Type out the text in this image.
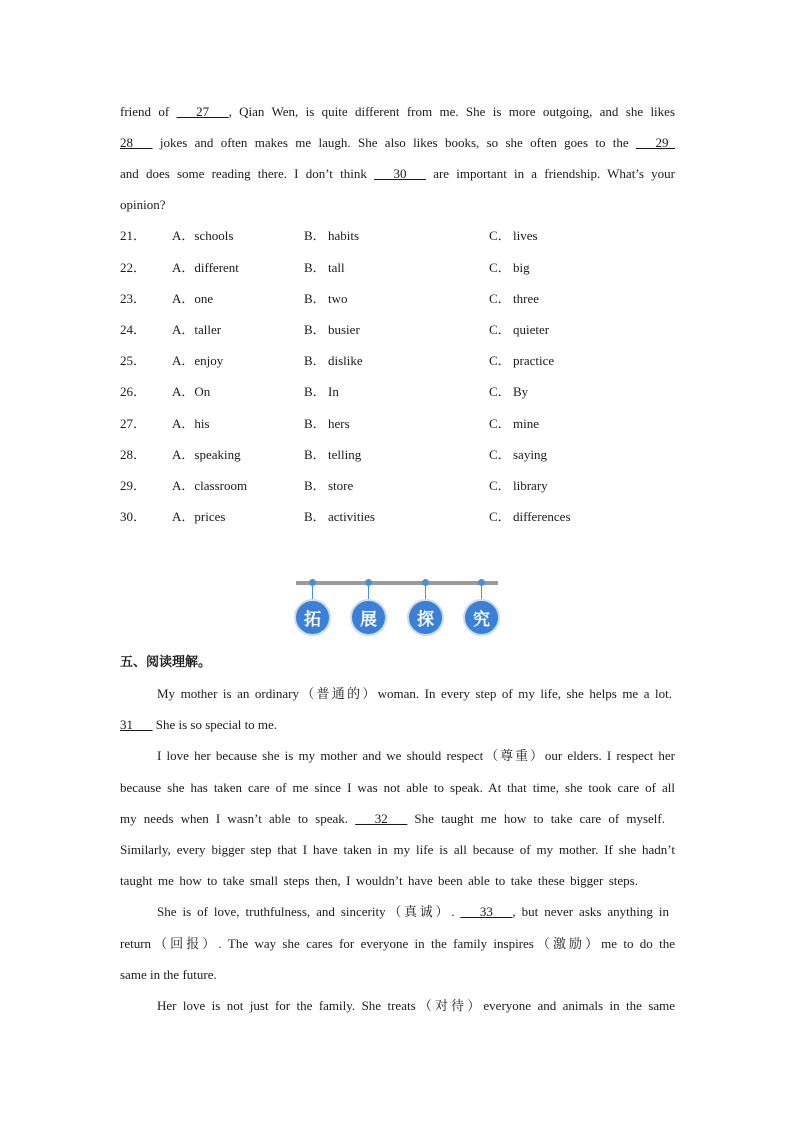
friend of ___27___, Qian Wen, is quite different from me. She is more outgoing, and she likes
28___ jokes and often makes me laugh. She also likes books, so she often goes to the ___29_
and does some reading there. I don’t think ___30___ are important in a friendship. What’s your
opinion?
21． A．schools	B． habits	C． lives
22． A．different	B． tall	C． big
23． A．one	B． two	C． three
24． A．taller	B． busier	C． quieter
25． A．enjoy	B． dislike	C． practice
26． A．On	B． In	C． By
27． A．his	B． hers	C． mine
28． A．speaking	B． telling	C． saying
29． A．classroom	B． store	C． library
30． A．prices	B． activities	C． differences
拓	展	探	究
五、阅读理解。
My mother is an ordinary（普通的）woman. In every step of my life, she helps me a lot.
31___ She is so special to me.
I love her because she is my mother and we should respect（尊重）our elders. I respect her
because she has taken care of me since I was not able to speak. At that time, she took care of all
my needs when I wasn’t able to speak. ___32___ She taught me how to take care of myself.
Similarly, every bigger step that I have taken in my life is all because of my mother. If she hadn’t
taught me how to take small steps then, I wouldn’t have been able to take these bigger steps.
She is of love, truthfulness, and sincerity（真诚）. ___33___, but never asks anything in
return（回报）. The way she cares for everyone in the family inspires（激励）me to do the
same in the future.
Her love is not just for the family. She treats（对待）everyone and animals in the same
